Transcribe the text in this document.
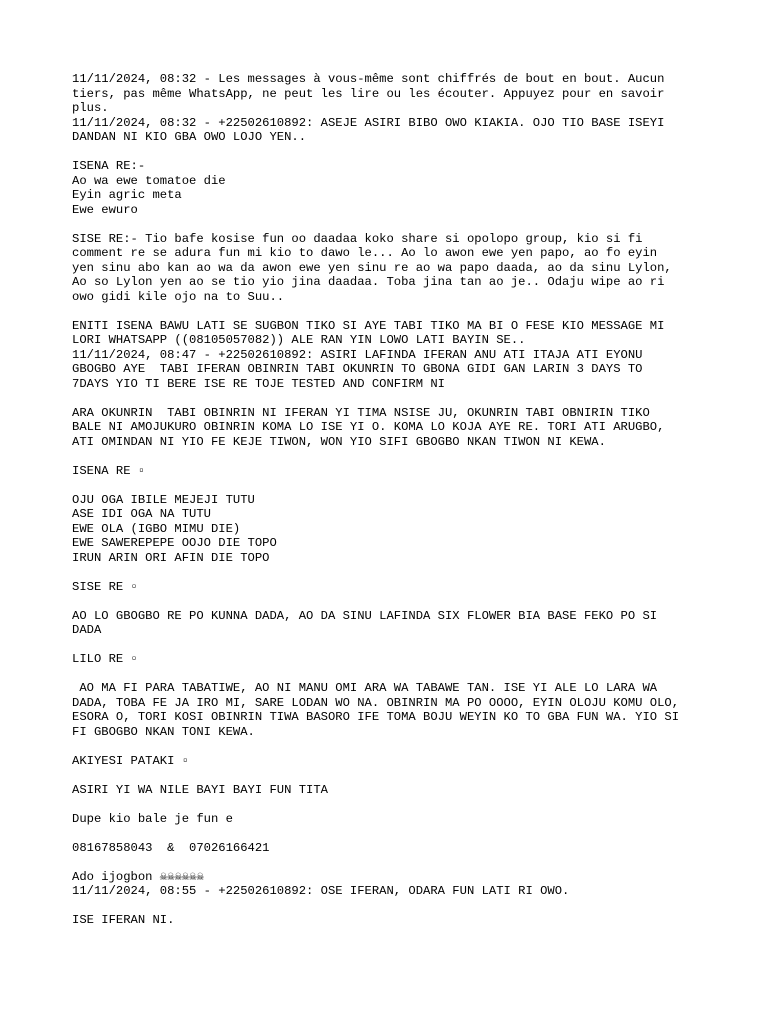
11/11/2024, 08:32 - Les messages à vous-même sont chiffrés de bout en bout. Aucun
tiers, pas même WhatsApp, ne peut les lire ou les écouter. Appuyez pour en savoir
plus.
11/11/2024, 08:32 - +22502610892: ASEJE ASIRI BIBO OWO KIAKIA. OJO TIO BASE ISEYI
DANDAN NI KIO GBA OWO LOJO YEN..
ISENA RE:-
Ao wa ewe tomatoe die
Eyin agric meta
Ewe ewuro
SISE RE:- Tio bafe kosise fun oo daadaa koko share si opolopo group, kio si fi
comment re se adura fun mi kio to dawo le... Ao lo awon ewe yen papo, ao fo eyin
yen sinu abo kan ao wa da awon ewe yen sinu re ao wa papo daada, ao da sinu Lylon,
Ao so Lylon yen ao se tio yio jina daadaa. Toba jina tan ao je.. Odaju wipe ao ri
owo gidi kile ojo na to Suu..
ENITI ISENA BAWU LATI SE SUGBON TIKO SI AYE TABI TIKO MA BI O FESE KIO MESSAGE MI
LORI WHATSAPP ((08105057082)) ALE RAN YIN LOWO LATI BAYIN SE..
11/11/2024, 08:47 - +22502610892: ASIRI LAFINDA IFERAN ANU ATI ITAJA ATI EYONU
GBOGBO AYE  TABI IFERAN OBINRIN TABI OKUNRIN TO GBONA GIDI GAN LARIN 3 DAYS TO
7DAYS YIO TI BERE ISE RE TOJE TESTED AND CONFIRM NI
ARA OKUNRIN  TABI OBINRIN NI IFERAN YI TIMA NSISE JU, OKUNRIN TABI OBNIRIN TIKO
BALE NI AMOJUKURO OBINRIN KOMA LO ISE YI O. KOMA LO KOJA AYE RE. TORI ATI ARUGBO,
ATI OMINDAN NI YIO FE KEJE TIWON, WON YIO SIFI GBOGBO NKAN TIWON NI KEWA.
ISENA RE ▫
OJU OGA IBILE MEJEJI TUTU
ASE IDI OGA NA TUTU
EWE OLA (IGBO MIMU DIE)
EWE SAWEREPEPE OOJO DIE TOPO
IRUN ARIN ORI AFIN DIE TOPO
SISE RE ▫
AO LO GBOGBO RE PO KUNNA DADA, AO DA SINU LAFINDA SIX FLOWER BIA BASE FEKO PO SI
DADA
LILO RE ▫
AO MA FI PARA TABATIWE, AO NI MANU OMI ARA WA TABAWE TAN. ISE YI ALE LO LARA WA
DADA, TOBA FE JA IRO MI, SARE LODAN WO NA. OBINRIN MA PO OOOO, EYIN OLOJU KOMU OLO,
ESORA O, TORI KOSI OBINRIN TIWA BASORO IFE TOMA BOJU WEYIN KO TO GBA FUN WA. YIO SI
FI GBOGBO NKAN TONI KEWA.
AKIYESI PATAKI ▫
ASIRI YI WA NILE BAYI BAYI FUN TITA
Dupe kio bale je fun e
08167858043  &  07026166421
Ado ijogbon ☠☠☠☠☠☠
11/11/2024, 08:55 - +22502610892: OSE IFERAN, ODARA FUN LATI RI OWO.
ISE IFERAN NI.
